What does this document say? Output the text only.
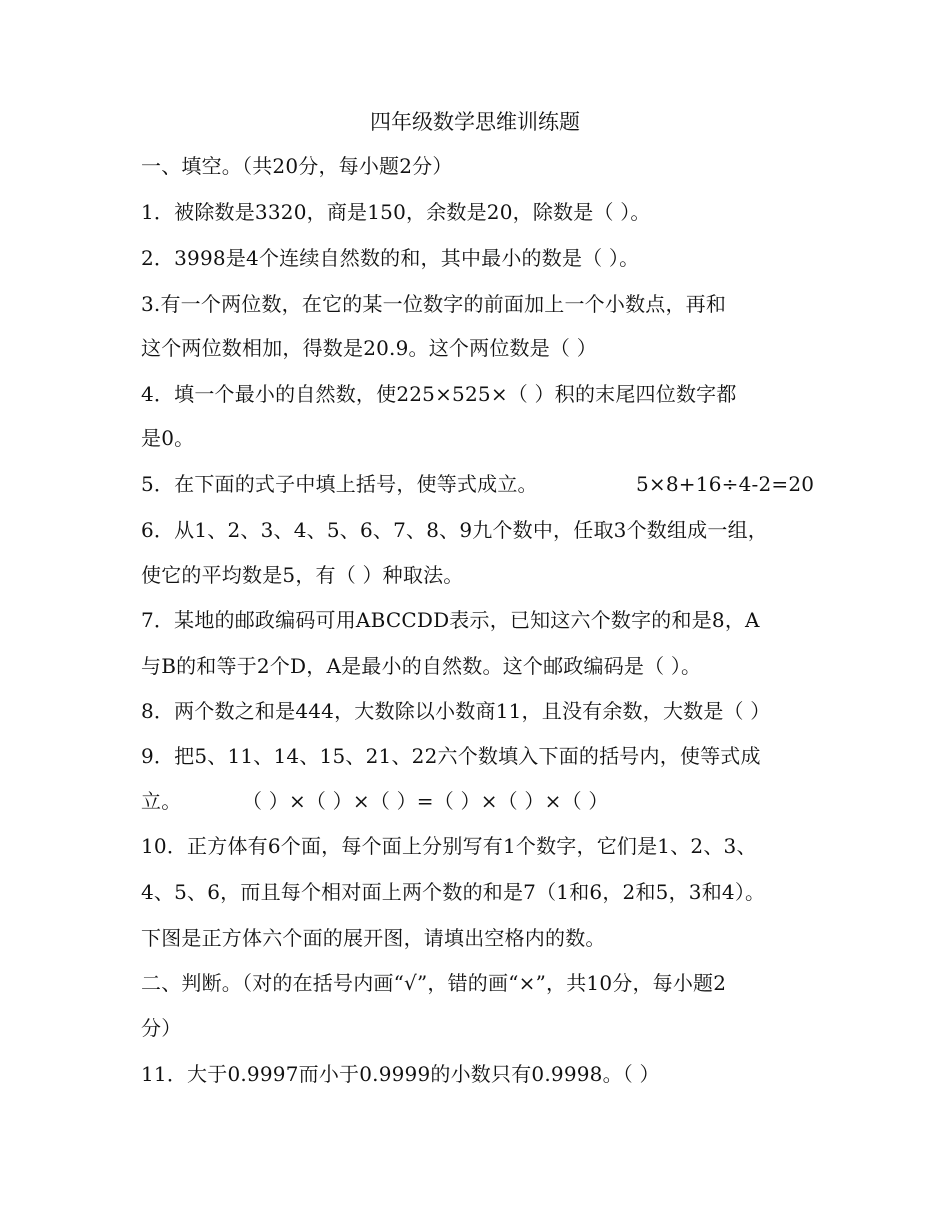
四年级数学思维训练题
一、填空。（共20分，每小题2分）
1．被除数是3320，商是150，余数是20，除数是（ ）。
2．3998是4个连续自然数的和，其中最小的数是（ ）。
3.有一个两位数，在它的某一位数字的前面加上一个小数点，再和
这个两位数相加，得数是20.9。这个两位数是（ ）
4．填一个最小的自然数，使225×525×（ ）积的末尾四位数字都
是0。
5．在下面的式子中填上括号，使等式成立。	5×8+16÷4-2=20
6．从1、2、3、4、5、6、7、8、9九个数中，任取3个数组成一组，
使它的平均数是5，有（ ）种取法。
7．某地的邮政编码可用ABCCDD表示，已知这六个数字的和是8，A
与B的和等于2个D，A是最小的自然数。这个邮政编码是（ ）。
8．两个数之和是444，大数除以小数商11，且没有余数，大数是（ ）
9．把5、11、14、15、21、22六个数填入下面的括号内，使等式成
立。	（ ）×（ ）×（ ）=（ ）×（ ）×（ ）
10．正方体有6个面，每个面上分别写有1个数字，它们是1、2、3、
4、5、6，而且每个相对面上两个数的和是7（1和6，2和5，3和4）。
下图是正方体六个面的展开图，请填出空格内的数。
二、判断。（对的在括号内画“√”，错的画“×”，共10分，每小题2
分）
11．大于0.9997而小于0.9999的小数只有0.9998。（ ）
